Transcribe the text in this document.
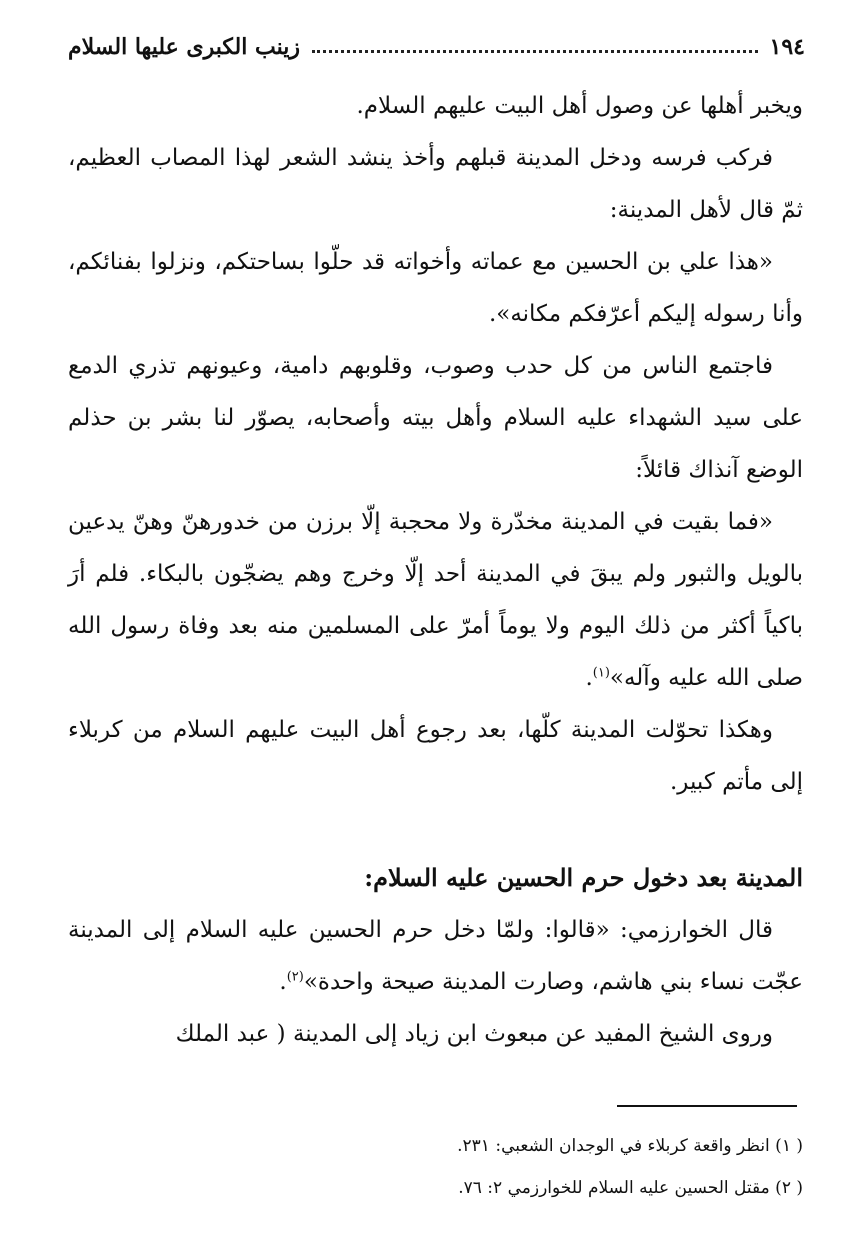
١٩٤
زينب الكبرى عليها السلام

ويخبر أهلها عن وصول أهل البيت عليهم السلام.

فركب فرسه ودخل المدينة قبلهم وأخذ ينشد الشعر لهذا المصاب العظيم، ثمّ قال لأهل المدينة:

«هذا علي بن الحسين مع عماته وأخواته قد حلّوا بساحتكم، ونزلوا بفنائكم، وأنا رسوله إليكم أعرّفكم مكانه».

فاجتمع الناس من كل حدب وصوب، وقلوبهم دامية، وعيونهم تذري الدمع على سيد الشهداء عليه السلام وأهل بيته وأصحابه، يصوّر لنا بشر بن حذلم الوضع آنذاك قائلاً:

«فما بقيت في المدينة مخدّرة ولا محجبة إلّا برزن من خدورهنّ وهنّ يدعين بالويل والثبور ولم يبقَ في المدينة أحد إلّا وخرج وهم يضجّون بالبكاء. فلم أرَ باكياً أكثر من ذلك اليوم ولا يوماً أمرّ على المسلمين منه بعد وفاة رسول الله صلى الله عليه وآله»$^{(١)}$.

وهكذا تحوّلت المدينة كلّها، بعد رجوع أهل البيت عليهم السلام من كربلاء إلى مأتم كبير.

المدينة بعد دخول حرم الحسين عليه السلام:

قال الخوارزمي: «قالوا: ولمّا دخل حرم الحسين عليه السلام إلى المدينة عجّت نساء بني هاشم، وصارت المدينة صيحة واحدة»$^{(٢)}$.

وروى الشيخ المفيد عن مبعوث ابن زياد إلى المدينة ( عبد الملك

( ١) انظر واقعة كربلاء في الوجدان الشعبي: ٢٣١.

( ٢) مقتل الحسين عليه السلام للخوارزمي ٢: ٧٦.
